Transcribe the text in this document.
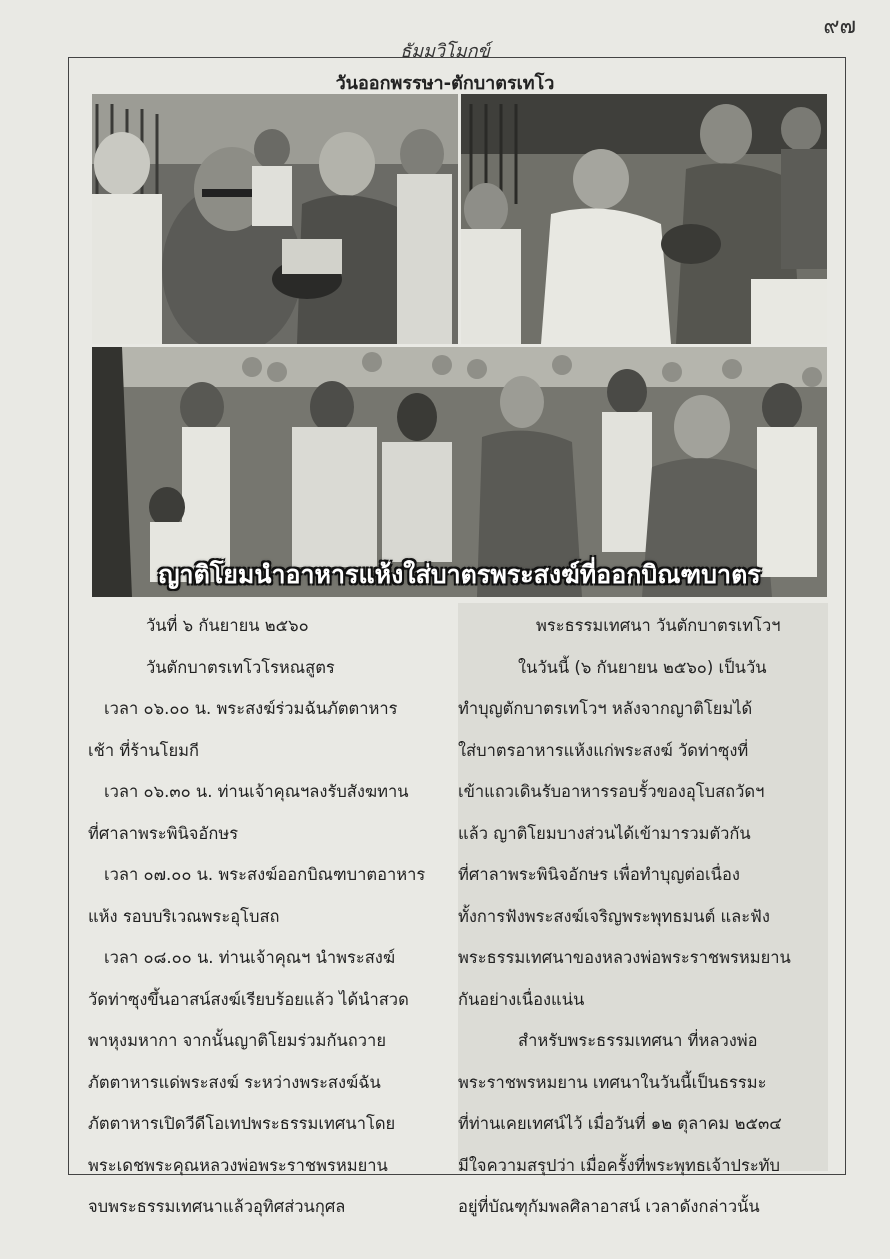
๙๗
ธัมมวิโมกข์
วันออกพรรษา-ตักบาตรเทโว
ญาติโยมนำอาหารแห้งใส่บาตรพระสงฆ์ที่ออกบิณฑบาตร

วันที่ ๖ กันยายน ๒๕๖๐

วันตักบาตรเทโวโรหณสูตร

เวลา ๐๖.๐๐ น. พระสงฆ์ร่วมฉันภัตตาหาร

เช้า ที่ร้านโยมกี

เวลา ๐๖.๓๐ น. ท่านเจ้าคุณฯลงรับสังฆทาน

ที่ศาลาพระพินิจอักษร

เวลา ๐๗.๐๐ น. พระสงฆ์ออกบิณฑบาตอาหาร

แห้ง รอบบริเวณพระอุโบสถ

เวลา ๐๘.๐๐ น. ท่านเจ้าคุณฯ นำพระสงฆ์

วัดท่าซุงขึ้นอาสน์สงฆ์เรียบร้อยแล้ว ได้นำสวด

พาหุงมหากา จากนั้นญาติโยมร่วมกันถวาย

ภัตตาหารแด่พระสงฆ์ ระหว่างพระสงฆ์ฉัน

ภัตตาหารเปิดวีดีโอเทปพระธรรมเทศนาโดย

พระเดชพระคุณหลวงพ่อพระราชพรหมยาน

จบพระธรรมเทศนาแล้วอุทิศส่วนกุศล

พระธรรมเทศนา วันตักบาตรเทโวฯ

ในวันนี้ (๖ กันยายน ๒๕๖๐) เป็นวัน

ทำบุญตักบาตรเทโวฯ หลังจากญาติโยมได้

ใส่บาตรอาหารแห้งแก่พระสงฆ์ วัดท่าซุงที่

เข้าแถวเดินรับอาหารรอบรั้วของอุโบสถวัดฯ

แล้ว ญาติโยมบางส่วนได้เข้ามารวมตัวกัน

ที่ศาลาพระพินิจอักษร เพื่อทำบุญต่อเนื่อง

ทั้งการฟังพระสงฆ์เจริญพระพุทธมนต์ และฟัง

พระธรรมเทศนาของหลวงพ่อพระราชพรหมยาน

กันอย่างเนื่องแน่น

สำหรับพระธรรมเทศนา ที่หลวงพ่อ

พระราชพรหมยาน เทศนาในวันนี้เป็นธรรมะ

ที่ท่านเคยเทศน์ไว้ เมื่อวันที่ ๑๒ ตุลาคม ๒๕๓๔

มีใจความสรุปว่า เมื่อครั้งที่พระพุทธเจ้าประทับ

อยู่ที่บัณฑุกัมพลศิลาอาสน์ เวลาดังกล่าวนั้น
